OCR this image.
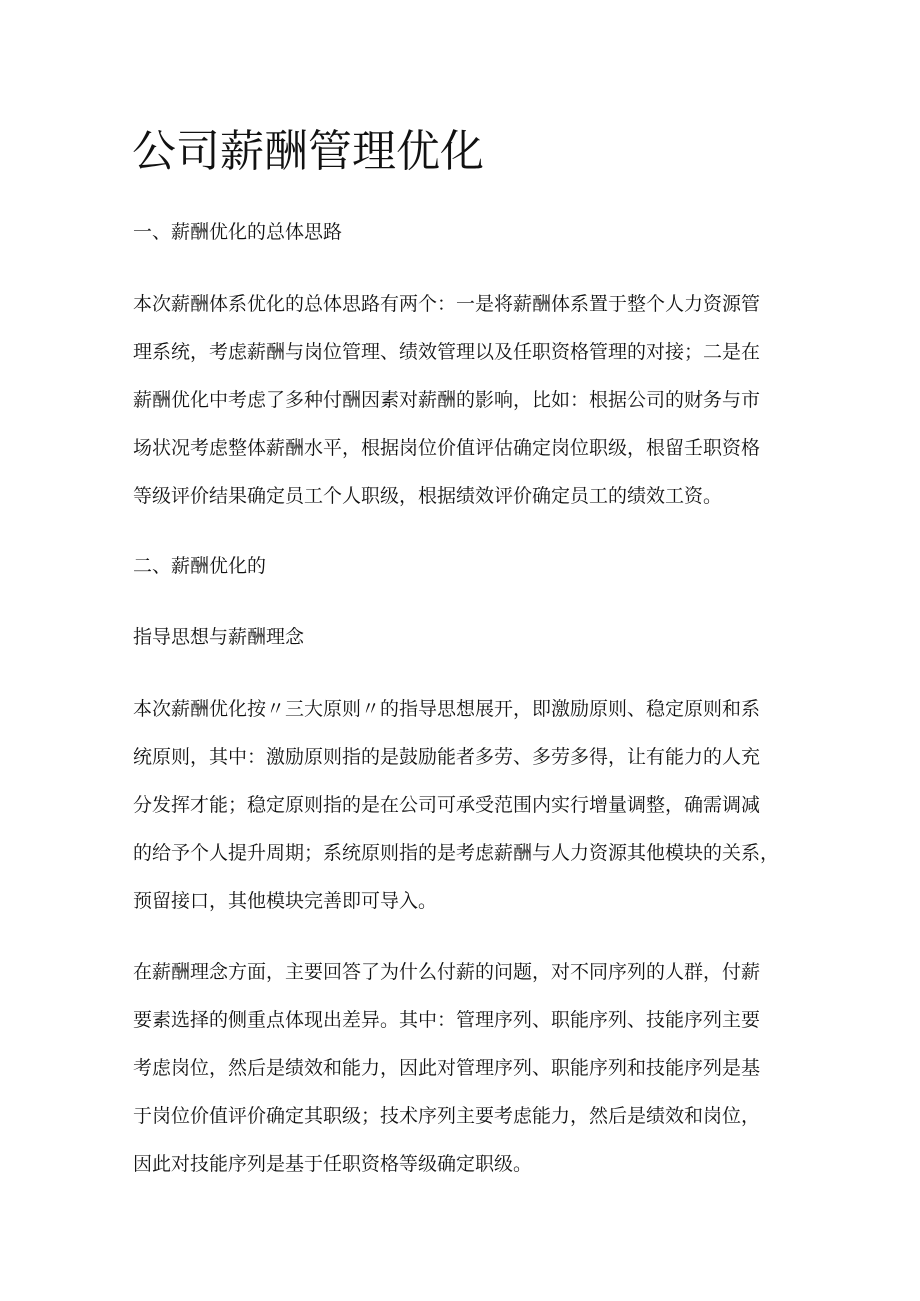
公司薪酬管理优化
一、薪酬优化的总体思路
本次薪酬体系优化的总体思路有两个：一是将薪酬体系置于整个人力资源管
理系统，考虑薪酬与岗位管理、绩效管理以及任职资格管理的对接；二是在
薪酬优化中考虑了多种付酬因素对薪酬的影响，比如：根据公司的财务与市
场状况考虑整体薪酬水平，根据岗位价值评估确定岗位职级，根留壬职资格
等级评价结果确定员工个人职级，根据绩效评价确定员工的绩效工资。
二、薪酬优化的
指导思想与薪酬理念
本次薪酬优化按〃三大原则〃的指导思想展开，即激励原则、稳定原则和系
统原则，其中：激励原则指的是鼓励能者多劳、多劳多得，让有能力的人充
分发挥才能；稳定原则指的是在公司可承受范围内实行增量调整，确需调减
的给予个人提升周期；系统原则指的是考虑薪酬与人力资源其他模块的关系，
预留接口，其他模块完善即可导入。
在薪酬理念方面，主要回答了为什么付薪的问题，对不同序列的人群，付薪
要素选择的侧重点体现出差异。其中：管理序列、职能序列、技能序列主要
考虑岗位，然后是绩效和能力，因此对管理序列、职能序列和技能序列是基
于岗位价值评价确定其职级；技术序列主要考虑能力，然后是绩效和岗位，
因此对技能序列是基于任职资格等级确定职级。
